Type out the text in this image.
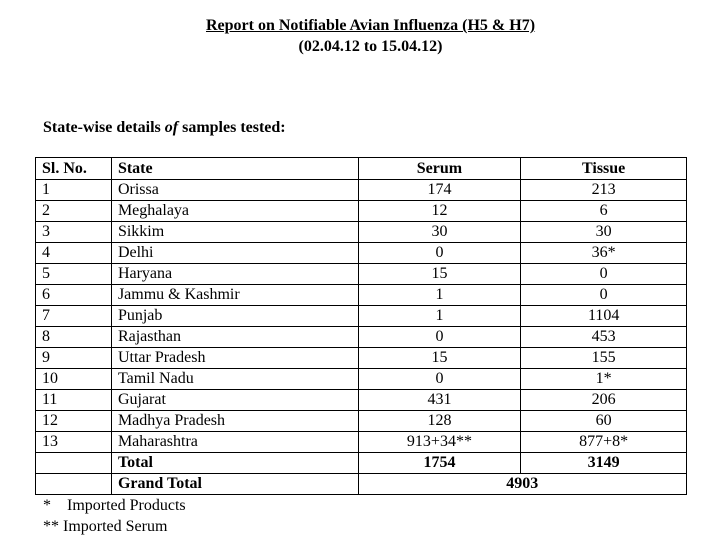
Report on Notifiable Avian Influenza (H5 & H7)
(02.04.12 to 15.04.12)
State-wise details of samples tested:
Sl. No.	State	Serum	Tissue
1	Orissa	174	213
2	Meghalaya	12	6
3	Sikkim	30	30
4	Delhi	0	36*
5	Haryana	15	0
6	Jammu & Kashmir	1	0
7	Punjab	1	1104
8	Rajasthan	0	453
9	Uttar Pradesh	15	155
10	Tamil Nadu	0	1*
11	Gujarat	431	206
12	Madhya Pradesh	128	60
13	Maharashtra	913+34**	877+8*
	Total	1754	3149
	Grand Total	4903	
*    Imported Products
** Imported Serum
